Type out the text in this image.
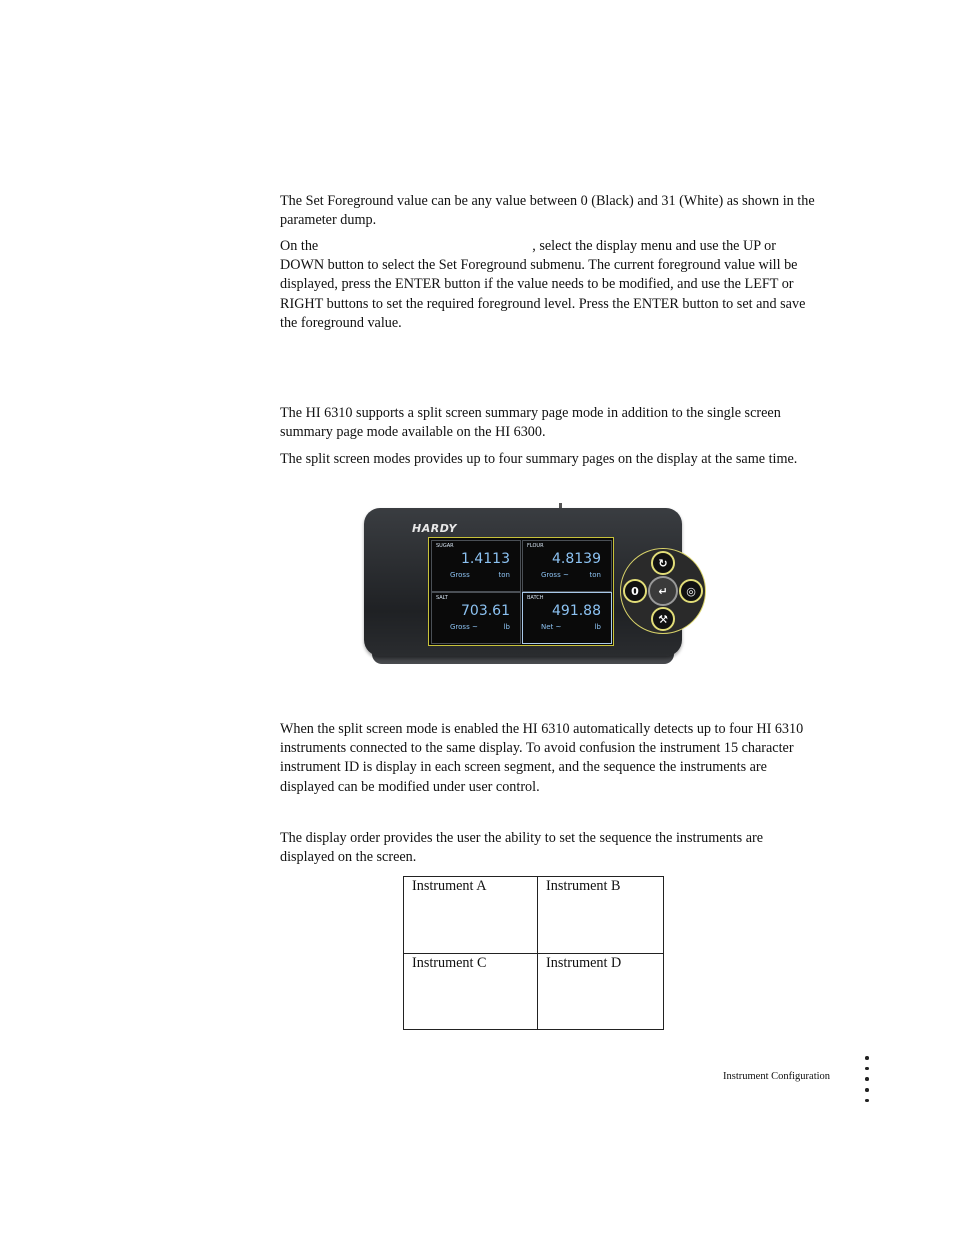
The Set Foreground value can be any value between 0 (Black) and 31 (White) as shown in the parameter dump.

On the	, select the display menu and use the UP or DOWN button to select the Set Foreground submenu. The current foreground value will be displayed, press the ENTER button if the value needs to be modified, and use the LEFT or RIGHT buttons to set the required foreground level. Press the ENTER button to set and save the foreground value.

The HI 6310 supports a split screen summary page mode in addition to the single screen summary page mode available on the HI 6300.

The split screen modes provides up to four summary pages on the display at the same time.

HARDY
SUGAR
1.4113
Gross	ton
FLOUR
4.8139
Gross ~	ton
SALT
703.61
Gross ~	lb
BATCH
491.88
Net ~	lb
↻
0	↵	◎
⚒

When the split screen mode is enabled the HI 6310 automatically detects up to four HI 6310 instruments connected to the same display. To avoid confusion the instrument 15 character instrument ID is display in each screen segment, and the sequence the instruments are displayed can be modified under user control.

The display order provides the user the ability to set the sequence the instruments are displayed on the screen.

Instrument A	Instrument B
Instrument C	Instrument D
Instrument Configuration
